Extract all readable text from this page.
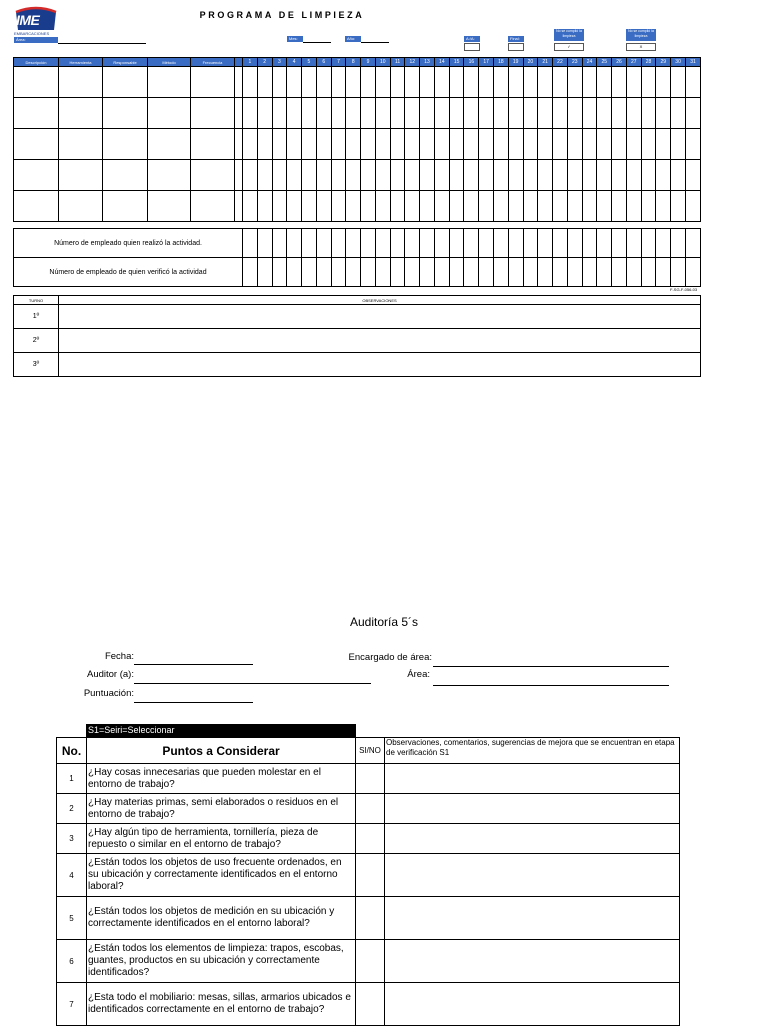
IME
EMBARCACIONES
PROGRAMA DE LIMPIEZA
Área:	Mes:	Año:	A:/A:	Final:
No se cumplió la limpieza
✓
No se cumplió la limpieza
X
Descripción	Herramienta	Responsable	Método	Frecuencia		1	2	3	4	5	6	7	8	9	10	11	12	13	14	15	16	17	18	19	20	21	22	23	24	25	26	27	28	29	30	31

Número de empleado quien realizó la actividad.																															
Número de empleado de quien verificó la actividad																															
F-SG-F-056-03
TURNO	OBSERVACIONES
1º	
2º	
3º	
Auditoría 5´s
Fecha:
Auditor (a):
Puntuación:
Encargado de área:
Área:
S1=Seiri=Seleccionar
No.	Puntos a Considerar	SI/NO	Observaciones, comentarios, sugerencias de mejora que se encuentran en etapa de verificación S1
1	¿Hay cosas innecesarias que pueden molestar en el entorno de trabajo?		
2	¿Hay materias primas, semi elaborados o residuos en el entorno de trabajo?		
3	¿Hay algún tipo de herramienta, tornillería, pieza de repuesto o similar en el entorno de trabajo?		
4	¿Están todos los objetos de uso frecuente ordenados, en su ubicación y correctamente identificados en el entorno laboral?		
5	¿Están todos los objetos de medición en su ubicación y correctamente identificados en el entorno laboral?		
6	¿Están todos los elementos de limpieza: trapos, escobas, guantes, productos en su ubicación y correctamente identificados?		
7	¿Esta todo el mobiliario: mesas, sillas, armarios ubicados e identificados correctamente en el entorno de trabajo?		
